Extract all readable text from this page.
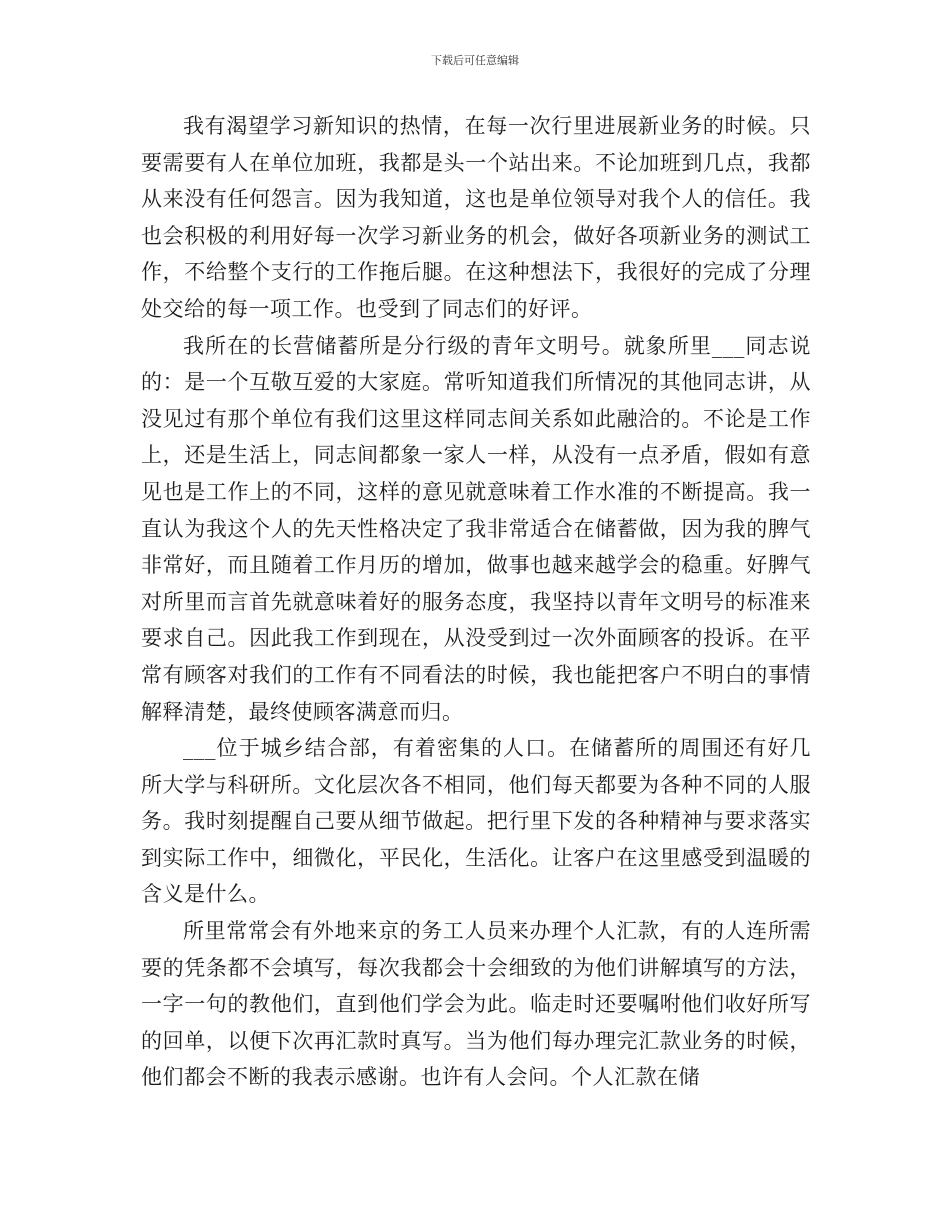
下载后可任意编辑

我有渴望学习新知识的热情，在每一次行里进展新业务的时候。只要需要有人在单位加班，我都是头一个站出来。不论加班到几点，我都从来没有任何怨言。因为我知道，这也是单位领导对我个人的信任。我也会积极的利用好每一次学习新业务的机会，做好各项新业务的测试工作，不给整个支行的工作拖后腿。在这种想法下，我很好的完成了分理处交给的每一项工作。也受到了同志们的好评。

我所在的长营储蓄所是分行级的青年文明号。就象所里___同志说的：是一个互敬互爱的大家庭。常听知道我们所情况的其他同志讲，从没见过有那个单位有我们这里这样同志间关系如此融洽的。不论是工作上，还是生活上，同志间都象一家人一样，从没有一点矛盾，假如有意见也是工作上的不同，这样的意见就意味着工作水准的不断提高。我一直认为我这个人的先天性格决定了我非常适合在储蓄做，因为我的脾气非常好，而且随着工作月历的增加，做事也越来越学会的稳重。好脾气对所里而言首先就意味着好的服务态度，我坚持以青年文明号的标准来要求自己。因此我工作到现在，从没受到过一次外面顾客的投诉。在平常有顾客对我们的工作有不同看法的时候，我也能把客户不明白的事情解释清楚，最终使顾客满意而归。

___位于城乡结合部，有着密集的人口。在储蓄所的周围还有好几所大学与科研所。文化层次各不相同，他们每天都要为各种不同的人服务。我时刻提醒自己要从细节做起。把行里下发的各种精神与要求落实到实际工作中，细微化，平民化，生活化。让客户在这里感受到温暖的含义是什么。

所里常常会有外地来京的务工人员来办理个人汇款，有的人连所需要的凭条都不会填写，每次我都会十会细致的为他们讲解填写的方法，一字一句的教他们，直到他们学会为此。临走时还要嘱咐他们收好所写的回单，以便下次再汇款时真写。当为他们每办理完汇款业务的时候，他们都会不断的我表示感谢。也许有人会问。个人汇款在储
